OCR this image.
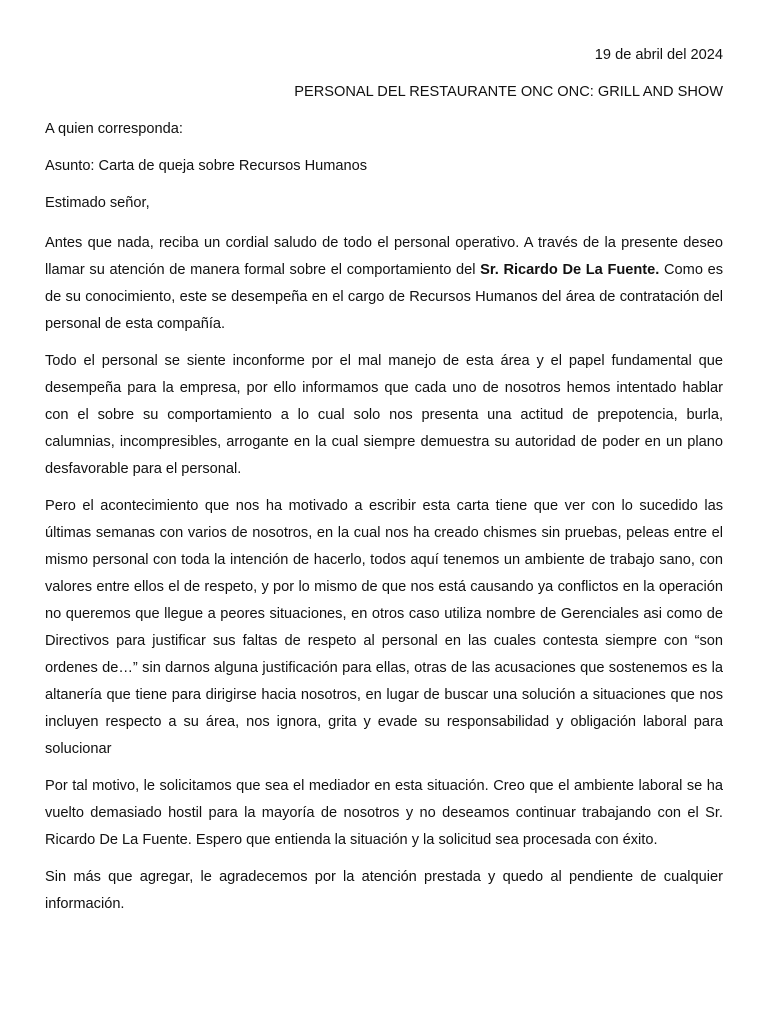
19 de abril del 2024
PERSONAL DEL RESTAURANTE ONC ONC: GRILL AND SHOW
A quien corresponda:
Asunto: Carta de queja sobre Recursos Humanos
Estimado señor,

Antes que nada, reciba un cordial saludo de todo el personal operativo. A través de la presente deseo llamar su atención de manera formal sobre el comportamiento del Sr. Ricardo De La Fuente. Como es de su conocimiento, este se desempeña en el cargo de Recursos Humanos del área de contratación del personal de esta compañía.

Todo el personal se siente inconforme por el mal manejo de esta área y el papel fundamental que desempeña para la empresa, por ello informamos que cada uno de nosotros hemos intentado hablar con el sobre su comportamiento a lo cual solo nos presenta una actitud de prepotencia, burla, calumnias, incompresibles, arrogante en la cual siempre demuestra su autoridad de poder en un plano desfavorable para el personal.

Pero el acontecimiento que nos ha motivado a escribir esta carta tiene que ver con lo sucedido las últimas semanas con varios de nosotros, en la cual nos ha creado chismes sin pruebas, peleas entre el mismo personal con toda la intención de hacerlo, todos aquí tenemos un ambiente de trabajo sano, con valores entre ellos el de respeto, y por lo mismo de que nos está causando ya conflictos en la operación no queremos que llegue a peores situaciones, en otros caso utiliza nombre de Gerenciales asi como de Directivos para justificar sus faltas de respeto al personal en las cuales contesta siempre con “son ordenes de…” sin darnos alguna justificación para ellas, otras de las acusaciones que sostenemos es la altanería que tiene para dirigirse hacia nosotros, en lugar de buscar una solución a situaciones que nos incluyen respecto a su área, nos ignora, grita y evade su responsabilidad y obligación laboral para solucionar

Por tal motivo, le solicitamos que sea el mediador en esta situación. Creo que el ambiente laboral se ha vuelto demasiado hostil para la mayoría de nosotros y no deseamos continuar trabajando con el Sr. Ricardo De La Fuente. Espero que entienda la situación y la solicitud sea procesada con éxito.

Sin más que agregar, le agradecemos por la atención prestada y quedo al pendiente de cualquier información.
